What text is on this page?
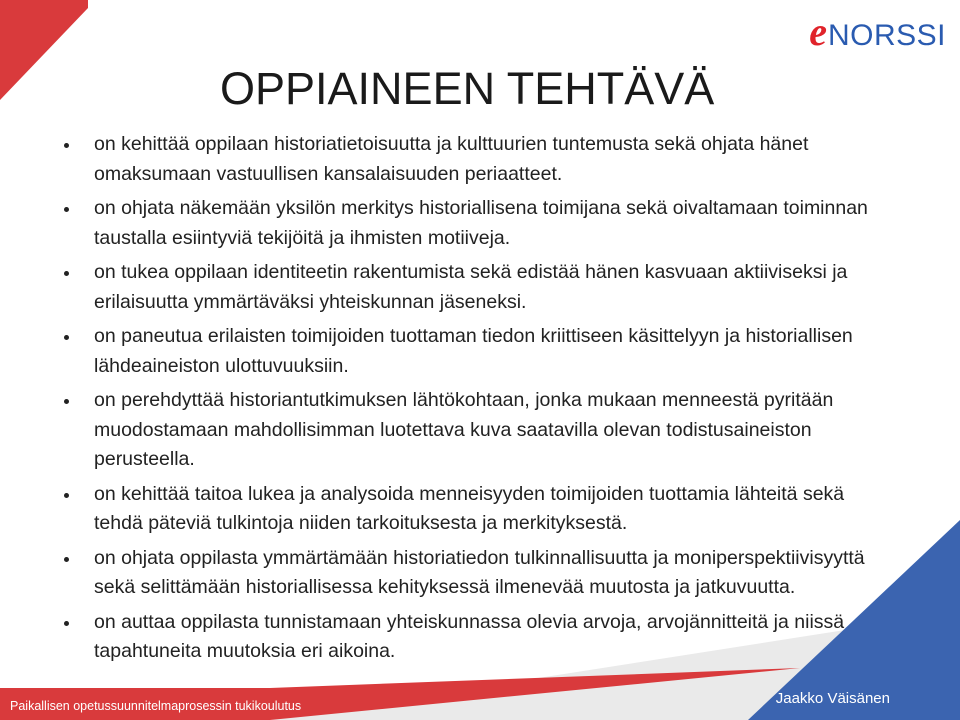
e NORSSI
OPPIAINEEN TEHTÄVÄ
on kehittää oppilaan historiatietoisuutta ja kulttuurien tuntemusta sekä ohjata hänet omaksumaan vastuullisen kansalaisuuden periaatteet.
on ohjata näkemään yksilön merkitys historiallisena toimijana sekä oivaltamaan toiminnan taustalla esiintyviä tekijöitä ja ihmisten motiiveja.
on tukea oppilaan identiteetin rakentumista sekä edistää hänen kasvuaan aktiiviseksi ja erilaisuutta ymmärtäväksi yhteiskunnan jäseneksi.
on paneutua erilaisten toimijoiden tuottaman tiedon kriittiseen käsittelyyn ja historiallisen lähdeaineiston ulottuvuuksiin.
on perehdyttää historiantutkimuksen lähtökohtaan, jonka mukaan menneestä pyritään muodostamaan mahdollisimman luotettava kuva saatavilla olevan todistusaineiston perusteella.
on kehittää taitoa lukea ja analysoida menneisyyden toimijoiden tuottamia lähteitä sekä tehdä päteviä tulkintoja niiden tarkoituksesta ja merkityksestä.
on ohjata oppilasta ymmärtämään historiatiedon tulkinnallisuutta ja moniperspektiivisyyttä sekä selittämään historiallisessa kehityksessä ilmenevää muutosta ja jatkuvuutta.
on auttaa oppilasta tunnistamaan yhteiskunnassa olevia arvoja, arvojännitteitä ja niissä tapahtuneita muutoksia eri aikoina.
Paikallisen opetussuunnitelmaprosessin tukikoulutus	Jaakko Väisänen
